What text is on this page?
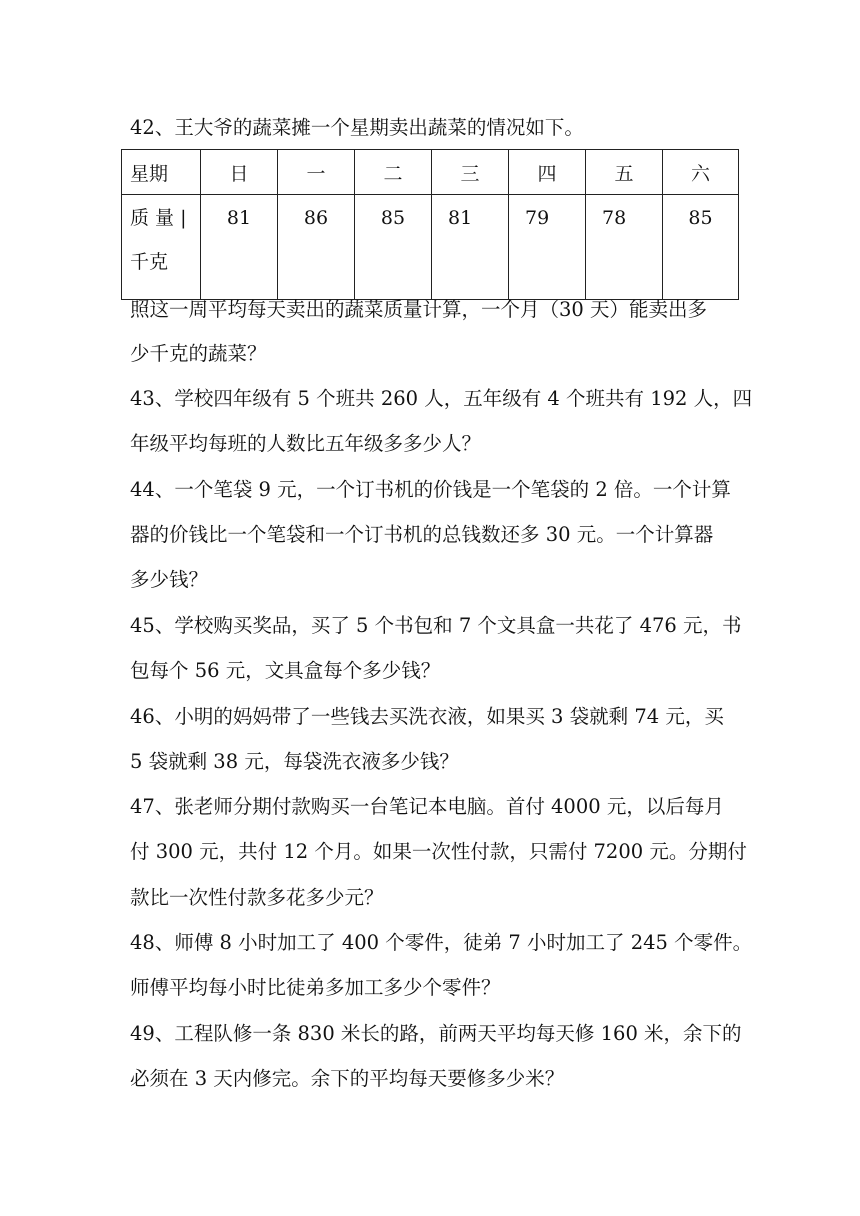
42、王大爷的蔬菜摊一个星期卖出蔬菜的情况如下。
星期	日	一	二	三	四	五	六

质 量 |
千克	81	86	85	81	79	78	85
照这一周平均每天卖出的蔬菜质量计算，一个月（30 天）能卖出多
少千克的蔬菜？
43、学校四年级有 5 个班共 260 人，五年级有 4 个班共有 192 人，四
年级平均每班的人数比五年级多多少人？
44、一个笔袋 9 元，一个订书机的价钱是一个笔袋的 2 倍。一个计算
器的价钱比一个笔袋和一个订书机的总钱数还多 30 元。一个计算器
多少钱？
45、学校购买奖品，买了 5 个书包和 7 个文具盒一共花了 476 元，书
包每个 56 元，文具盒每个多少钱？
46、小明的妈妈带了一些钱去买洗衣液，如果买 3 袋就剩 74 元，买
5 袋就剩 38 元，每袋洗衣液多少钱？
47、张老师分期付款购买一台笔记本电脑。首付 4000 元，以后每月
付 300 元，共付 12 个月。如果一次性付款，只需付 7200 元。分期付
款比一次性付款多花多少元？
48、师傅 8 小时加工了 400 个零件，徒弟 7 小时加工了 245 个零件。
师傅平均每小时比徒弟多加工多少个零件？
49、工程队修一条 830 米长的路，前两天平均每天修 160 米，余下的
必须在 3 天内修完。余下的平均每天要修多少米？
